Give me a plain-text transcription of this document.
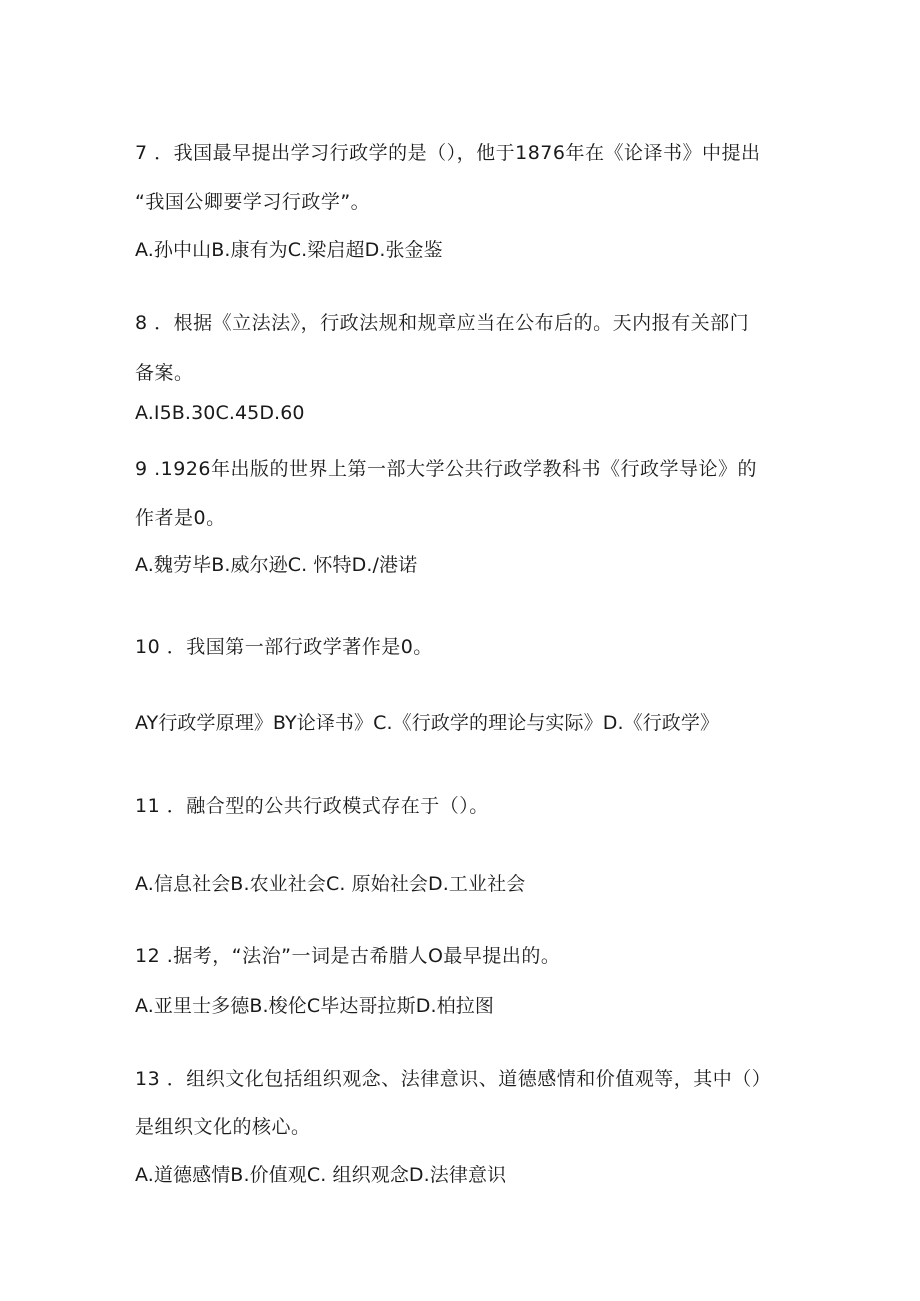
7 ．我国最早提出学习行政学的是（），他于1876年在《论译书》中提出
“我国公卿要学习行政学”。
A.孙中山B.康有为C.梁启超D.张金鉴
8 ．根据《立法法》，行政法规和规章应当在公布后的。天内报有关部门
备案。
A.I5B.30C.45D.60
9 .1926年出版的世界上第一部大学公共行政学教科书《行政学导论》的
作者是0。
A.魏劳毕B.威尔逊C. 怀特D./港诺
10 ．我国第一部行政学著作是0。
AY行政学原理》BY论译书》C.《行政学的理论与实际》D.《行政学》
11 ．融合型的公共行政模式存在于（）。
A.信息社会B.农业社会C. 原始社会D.工业社会
12 .据考，“法治”一词是古希腊人O最早提出的。
A.亚里士多德B.梭伦C毕达哥拉斯D.柏拉图
13 ．组织文化包括组织观念、法律意识、道德感情和价值观等，其中（）
是组织文化的核心。
A.道德感情B.价值观C. 组织观念D.法律意识
